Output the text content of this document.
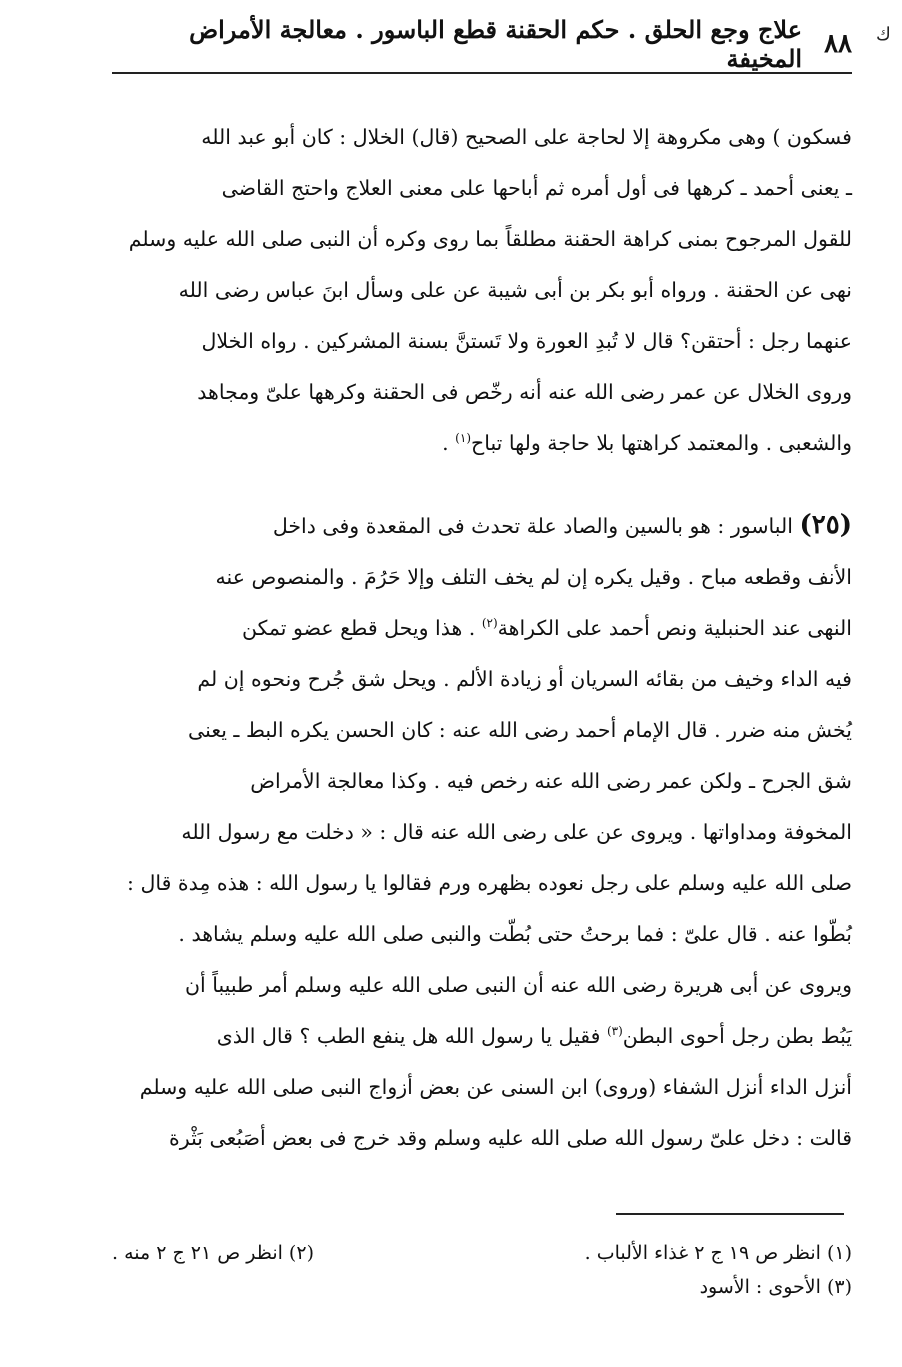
ﻙ
٨٨
علاج وجع الحلق . حكم الحقنة قطع الباسور . معالجة الأمراض المخيفة

فسكون ) وهى مكروهة إلا لحاجة على الصحيح (قال) الخلال : كان أبو عبد الله

ـ يعنى أحمد ـ كرهها فى أول أمره ثم أباحها على معنى العلاج واحتج القاضى

للقول المرجوح بمنى كراهة الحقنة مطلقاً بما روى وكره أن النبى صلى الله عليه وسلم

نهى عن الحقنة . ورواه أبو بكر بن أبى شيبة عن على وسأل ابنَ عباس رضى الله

عنهما رجل : أحتقن؟ قال لا تُبدِ العورة ولا تَستنَّ بسنة المشركين . رواه الخلال

وروى الخلال عن عمر رضى الله عنه أنه رخّص فى الحقنة وكرهها علىّ ومجاهد

والشعبى . والمعتمد كراهتها بلا حاجة ولها تباح$^{(١)}$ .

(٢٥) الباسور : هو بالسين والصاد علة تحدث فى المقعدة وفى داخل

الأنف وقطعه مباح . وقيل يكره إن لم يخف التلف وإلا حَرُمَ . والمنصوص عنه

النهى عند الحنبلية ونص أحمد على الكراهة$^{(٢)}$ . هذا ويحل قطع عضو تمكن

فيه الداء وخيف من بقائه السريان أو زيادة الألم . ويحل شق جُرح ونحوه إن لم

يُخش منه ضرر . قال الإمام أحمد رضى الله عنه : كان الحسن يكره البط ـ يعنى

شق الجرح ـ ولكن عمر رضى الله عنه رخص فيه . وكذا معالجة الأمراض

المخوفة ومداواتها . ويروى عن على رضى الله عنه قال : « دخلت مع رسول الله

صلى الله عليه وسلم على رجل نعوده بظهره ورم فقالوا يا رسول الله : هذه مِدة قال :

بُطّوا عنه . قال علىّ : فما برحتُ حتى بُطّت والنبى صلى الله عليه وسلم يشاهد .

ويروى عن أبى هريرة رضى الله عنه أن النبى صلى الله عليه وسلم أمر طبيباً أن

يَبُط بطن رجل أحوى البطن$^{(٣)}$ فقيل يا رسول الله هل ينفع الطب ؟ قال الذى

أنزل الداء أنزل الشفاء (وروى) ابن السنى عن بعض أزواج النبى صلى الله عليه وسلم

قالت : دخل علىّ رسول الله صلى الله عليه وسلم وقد خرج فى بعض أصَبُعى بَثْرة

(١) انظر ص ١٩ ج ٢ غذاء الألباب .
(٢) انظر ص ٢١ ج ٢ منه .
(٣) الأحوى : الأسود
